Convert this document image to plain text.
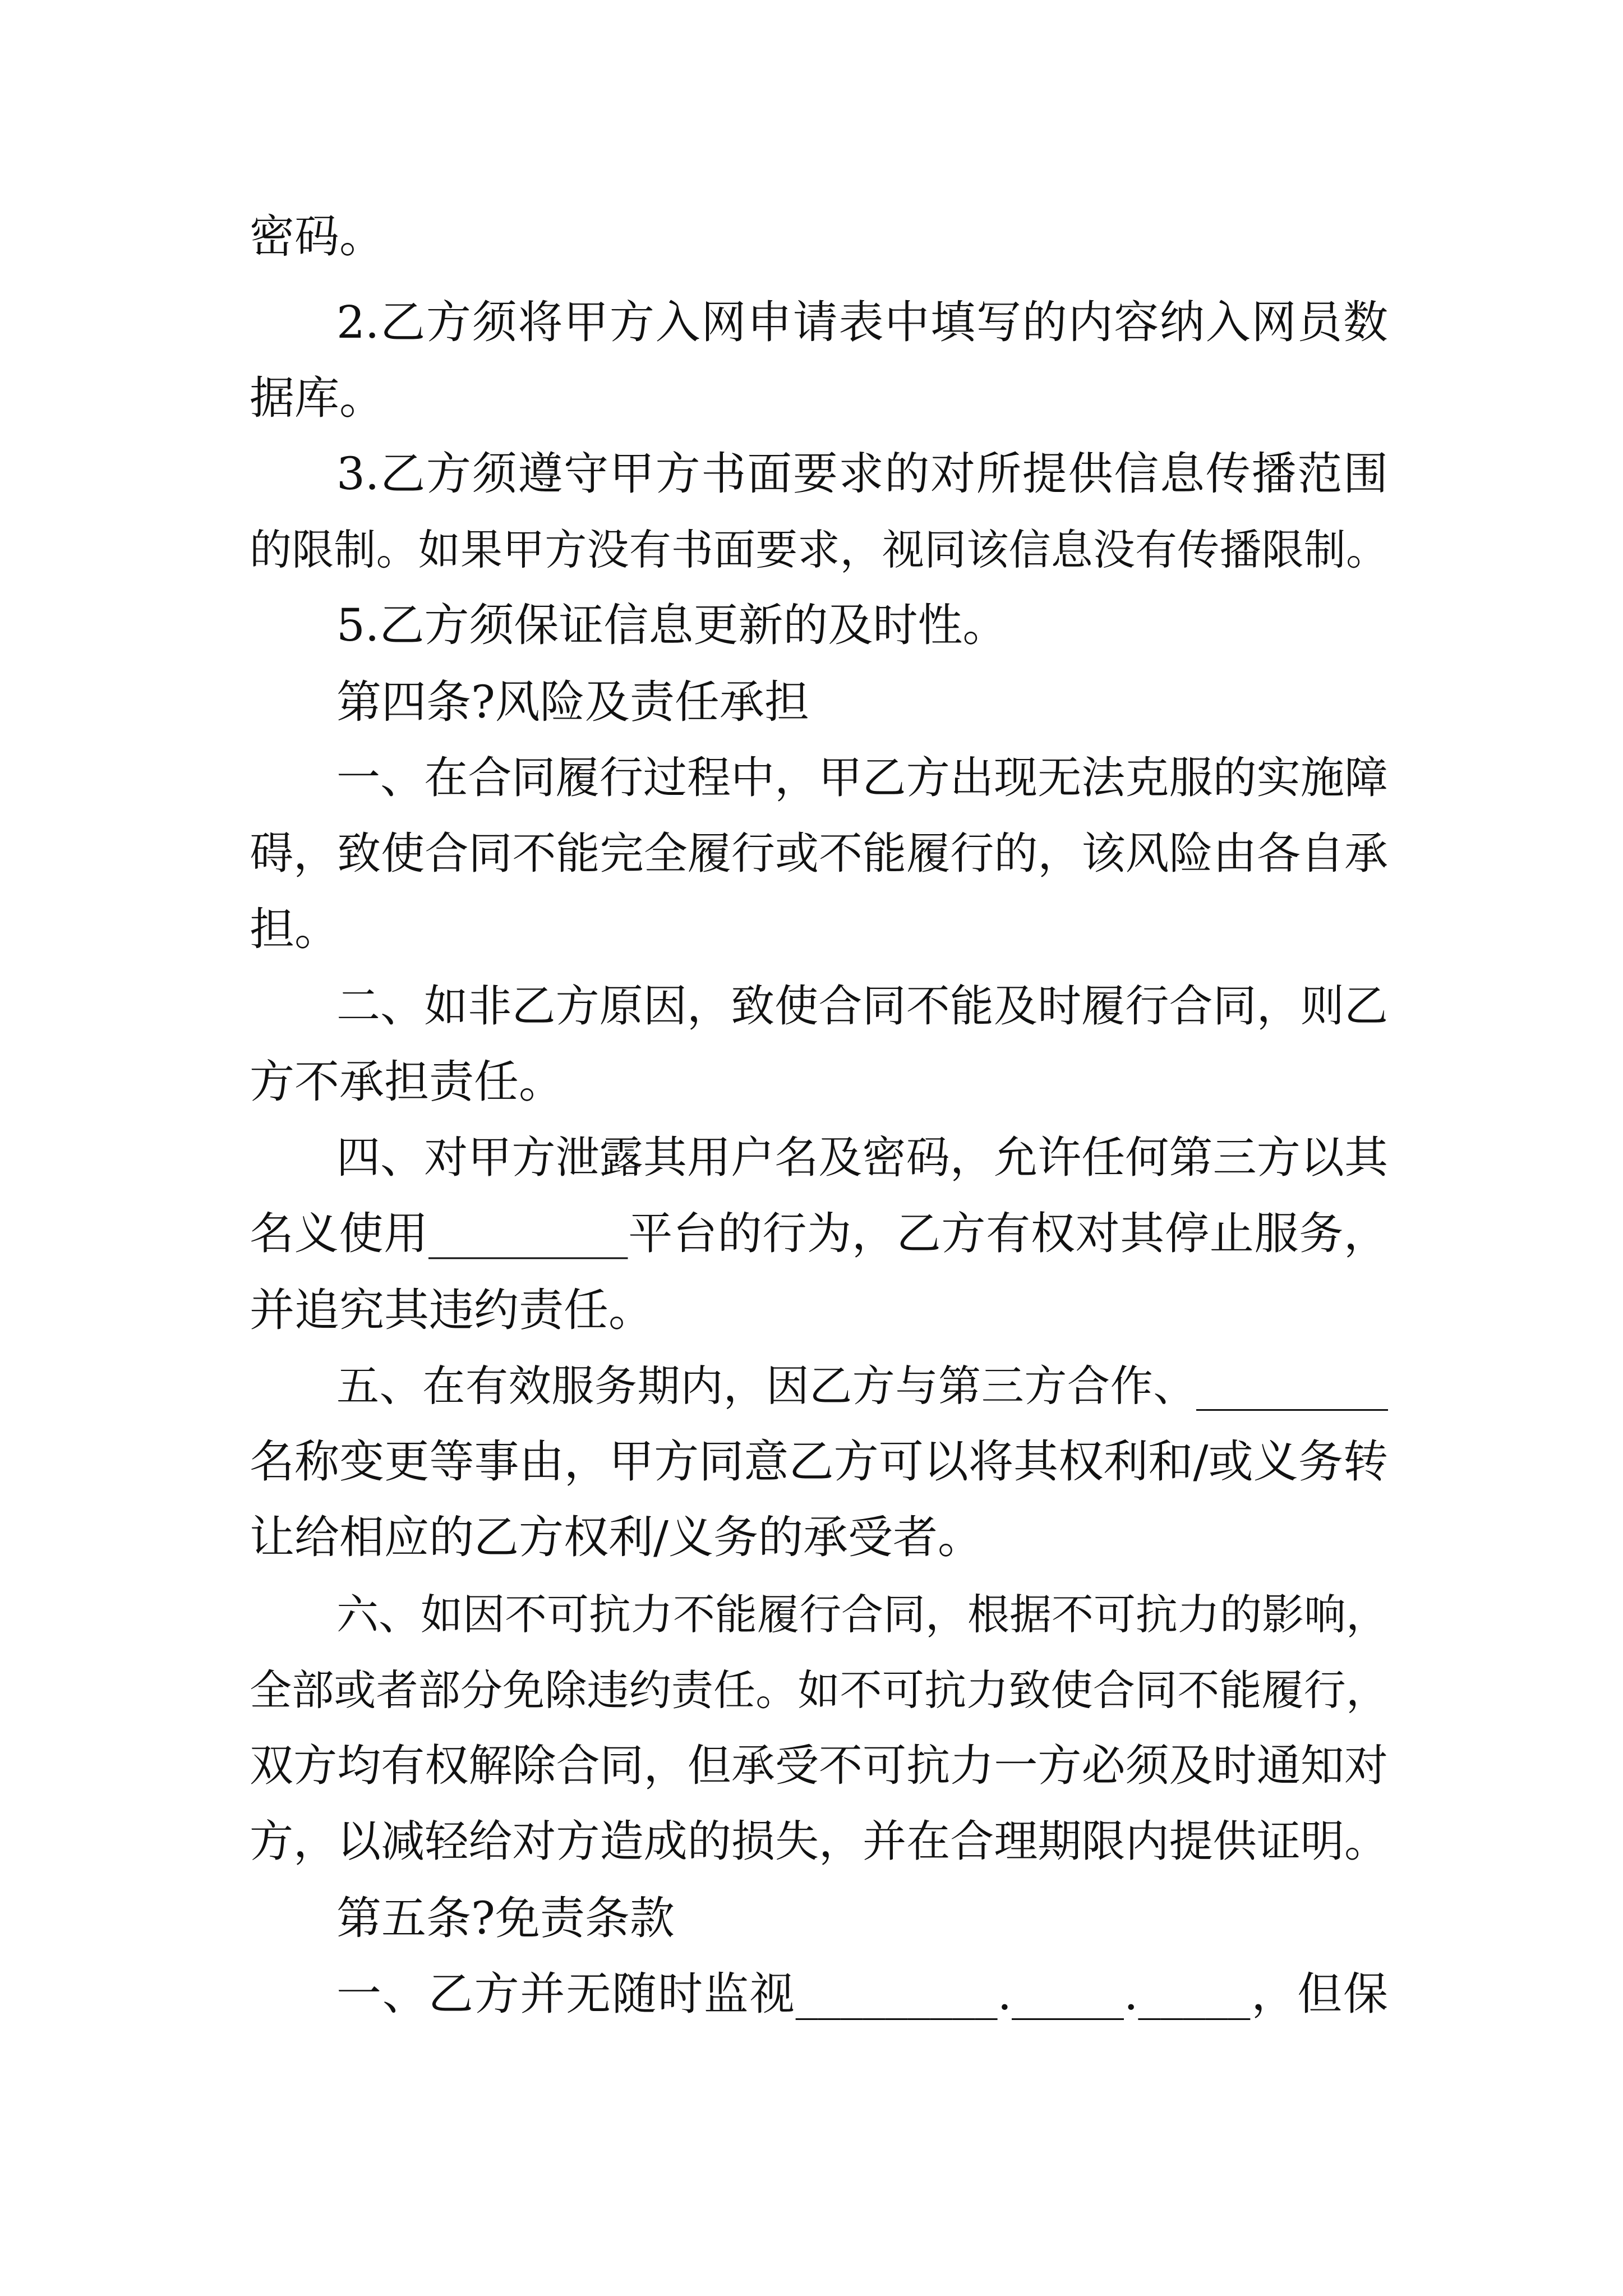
密码。
2.乙方须将甲方入网申请表中填写的内容纳入网员数
据库。
3.乙方须遵守甲方书面要求的对所提供信息传播范围
的限制。如果甲方没有书面要求，视同该信息没有传播限制。
5.乙方须保证信息更新的及时性。
第四条?风险及责任承担
一、在合同履行过程中，甲乙方出现无法克服的实施障
碍，致使合同不能完全履行或不能履行的，该风险由各自承
担。
二、如非乙方原因，致使合同不能及时履行合同，则乙
方不承担责任。
四、对甲方泄露其用户名及密码，允许任何第三方以其
名义使用_________平台的行为，乙方有权对其停止服务，
并追究其违约责任。
五、在有效服务期内，因乙方与第三方合作、_________
名称变更等事由，甲方同意乙方可以将其权利和/或义务转
让给相应的乙方权利/义务的承受者。
六、如因不可抗力不能履行合同，根据不可抗力的影响，
全部或者部分免除违约责任。如不可抗力致使合同不能履行，
双方均有权解除合同，但承受不可抗力一方必须及时通知对
方，以减轻给对方造成的损失，并在合理期限内提供证明。
第五条?免责条款
一、乙方并无随时监视_________._____._____，但保
